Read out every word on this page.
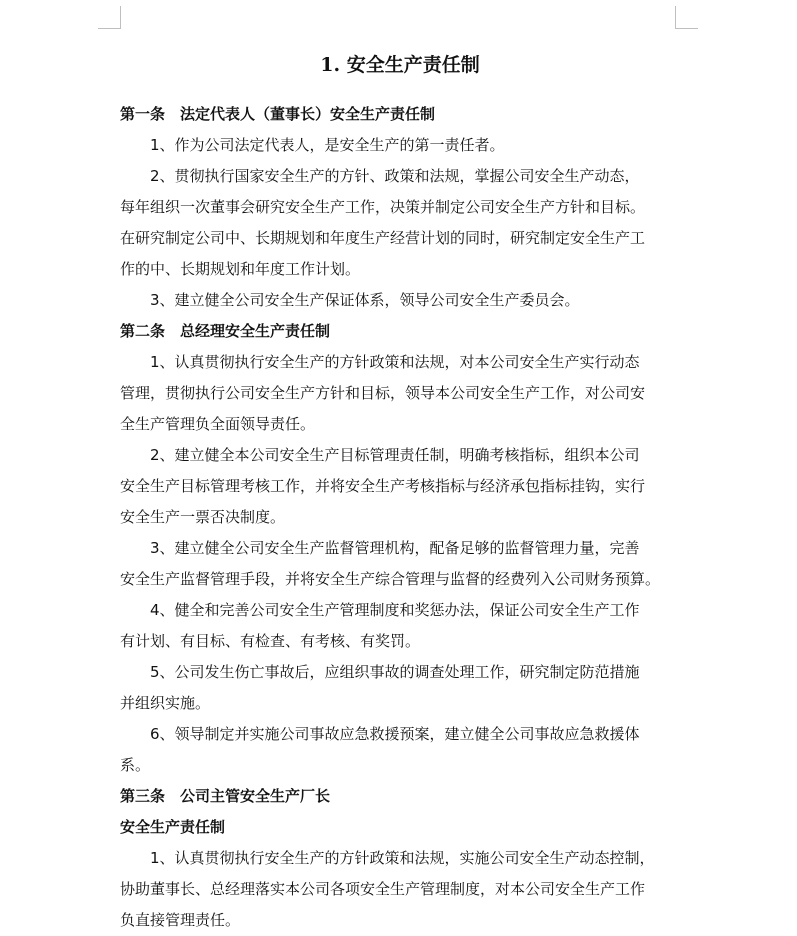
1. 安全生产责任制
第一条　法定代表人（董事长）安全生产责任制
1、作为公司法定代表人，是安全生产的第一责任者。
2、贯彻执行国家安全生产的方针、政策和法规，掌握公司安全生产动态，
每年组织一次董事会研究安全生产工作，决策并制定公司安全生产方针和目标。
在研究制定公司中、长期规划和年度生产经营计划的同时，研究制定安全生产工
作的中、长期规划和年度工作计划。
3、建立健全公司安全生产保证体系，领导公司安全生产委员会。
第二条　总经理安全生产责任制
1、认真贯彻执行安全生产的方针政策和法规，对本公司安全生产实行动态
管理，贯彻执行公司安全生产方针和目标，领导本公司安全生产工作，对公司安
全生产管理负全面领导责任。
2、建立健全本公司安全生产目标管理责任制，明确考核指标，组织本公司
安全生产目标管理考核工作，并将安全生产考核指标与经济承包指标挂钩，实行
安全生产一票否决制度。
3、建立健全公司安全生产监督管理机构，配备足够的监督管理力量，完善
安全生产监督管理手段，并将安全生产综合管理与监督的经费列入公司财务预算。
4、健全和完善公司安全生产管理制度和奖惩办法，保证公司安全生产工作
有计划、有目标、有检查、有考核、有奖罚。
5、公司发生伤亡事故后，应组织事故的调查处理工作，研究制定防范措施
并组织实施。
6、领导制定并实施公司事故应急救援预案，建立健全公司事故应急救援体
系。
第三条　公司主管安全生产厂长
安全生产责任制
1、认真贯彻执行安全生产的方针政策和法规，实施公司安全生产动态控制，
协助董事长、总经理落实本公司各项安全生产管理制度，对本公司安全生产工作
负直接管理责任。
